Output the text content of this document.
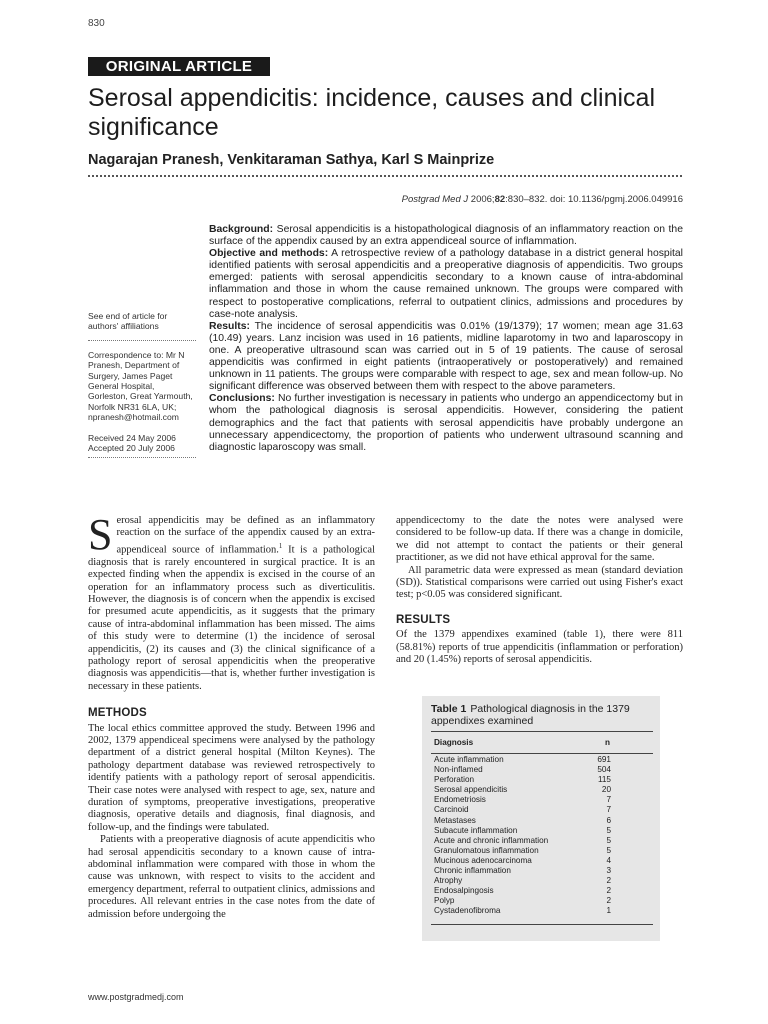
830
ORIGINAL ARTICLE
Serosal appendicitis: incidence, causes and clinical significance
Nagarajan Pranesh, Venkitaraman Sathya, Karl S Mainprize
Postgrad Med J 2006;82:830–832. doi: 10.1136/pgmj.2006.049916

Background: Serosal appendicitis is a histopathological diagnosis of an inflammatory reaction on the surface of the appendix caused by an extra appendiceal source of inflammation.

Objective and methods: A retrospective review of a pathology database in a district general hospital identified patients with serosal appendicitis and a preoperative diagnosis of appendicitis. Two groups emerged: patients with serosal appendicitis secondary to a known cause of intra-abdominal inflammation and those in whom the cause remained unknown. The groups were compared with respect to postoperative complications, referral to outpatient clinics, admissions and procedures by case-note analysis.

Results: The incidence of serosal appendicitis was 0.01% (19/1379); 17 women; mean age 31.63 (10.49) years. Lanz incision was used in 16 patients, midline laparotomy in two and laparoscopy in one. A preoperative ultrasound scan was carried out in 5 of 19 patients. The cause of serosal appendicitis was confirmed in eight patients (intraoperatively or postoperatively) and remained unknown in 11 patients. The groups were comparable with respect to age, sex and mean follow-up. No significant difference was observed between them with respect to the above parameters.

Conclusions: No further investigation is necessary in patients who undergo an appendicectomy but in whom the pathological diagnosis is serosal appendicitis. However, considering the patient demographics and the fact that patients with serosal appendicitis have probably undergone an unnecessary appendicectomy, the proportion of patients who underwent ultrasound scanning and diagnostic laparoscopy was small.

See end of article for authors' affiliations

Correspondence to: Mr N Pranesh, Department of Surgery, James Paget General Hospital, Gorleston, Great Yarmouth, Norfolk NR31 6LA, UK; npranesh@hotmail.com

Received 24 May 2006

Accepted 20 July 2006

Serosal appendicitis may be defined as an inflammatory reaction on the surface of the appendix caused by an extra-appendiceal source of inflammation.$^1$ It is a pathological diagnosis that is rarely encountered in surgical practice. It is an expected finding when the appendix is excised in the course of an operation for an inflammatory process such as diverticulitis. However, the diagnosis is of concern when the appendix is excised for presumed acute appendicitis, as it suggests that the primary cause of intra-abdominal inflammation has been missed. The aims of this study were to determine (1) the incidence of serosal appendicitis, (2) its causes and (3) the clinical significance of a pathology report of serosal appendicitis when the preoperative diagnosis was appendicitis—that is, whether further investigation is necessary in these patients.

METHODS

The local ethics committee approved the study. Between 1996 and 2002, 1379 appendiceal specimens were analysed by the pathology department of a district general hospital (Milton Keynes). The pathology department database was reviewed retrospectively to identify patients with a pathology report of serosal appendicitis. Their case notes were analysed with respect to age, sex, nature and duration of symptoms, preoperative investigations, preoperative diagnosis, operative details and diagnosis, final diagnosis, and follow-up, and the findings were tabulated.

Patients with a preoperative diagnosis of acute appendicitis who had serosal appendicitis secondary to a known cause of intra-abdominal inflammation were compared with those in whom the cause was unknown, with respect to visits to the accident and emergency department, referral to outpatient clinics, admissions and procedures. All relevant entries in the case notes from the date of admission before undergoing the

appendicectomy to the date the notes were analysed were considered to be follow-up data. If there was a change in domicile, we did not attempt to contact the patients or their general practitioner, as we did not have ethical approval for the same.

All parametric data were expressed as mean (standard deviation (SD)). Statistical comparisons were carried out using Fisher's exact test; p<0.05 was considered significant.

RESULTS

Of the 1379 appendixes examined (table 1), there were 811 (58.81%) reports of true appendicitis (inflammation or perforation) and 20 (1.45%) reports of serosal appendicitis.

Table 1 Pathological diagnosis in the 1379 appendixes examined
Diagnosis	n
Acute inflammation	691
Non-inflamed	504
Perforation	115
Serosal appendicitis	20
Endometriosis	7
Carcinoid	7
Metastases	6
Subacute inflammation	5
Acute and chronic inflammation	5
Granulomatous inflammation	5
Mucinous adenocarcinoma	4
Chronic inflammation	3
Atrophy	2
Endosalpingosis	2
Polyp	2
Cystadenofibroma	1
www.postgradmedj.com
